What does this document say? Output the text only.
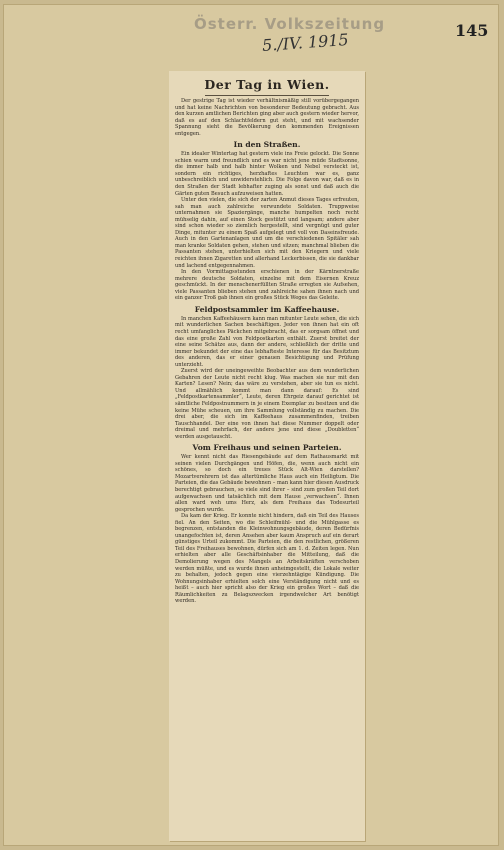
Österr. Volkszeitung	145
5./IV. 1915
Der Tag in Wien.

Der gestrige Tag ist wieder verhältnismäßig still vorübergegangen und hat keine Nachrichten von besonderer Bedeutung gebracht. Aus den kurzen amtlichen Berichten ging aber auch gestern wieder hervor, daß es auf den Schlachtfeldern gut steht, und mit wachsender Spannung sieht die Bevölkerung den kommenden Ereignissen entgegen.

In den Straßen.

Ein idealer Wintertag hat gestern viele ins Freie gelockt. Die Sonne schien warm und freundlich und es war nicht jene müde Stadtsonne, die immer halb und halb hinter Wolken und Nebel versteckt ist, sondern ein richtiges, herzhaftes Leuchten war es, ganz unbeschreiblich und unwiderstehlich. Die Folge davon war, daß es in den Straßen der Stadt lebhafter zuging als sonst und daß auch die Gärten guten Besuch aufzuweisen hatten.

Unter den vielen, die sich der zarten Anmut dieses Tages erfreuten, sah man auch zahlreiche verwundete Soldaten. Truppweise unternahmen sie Spaziergänge, manche humpelten noch recht mühselig dahin, auf einen Stock gestützt und langsam; andere aber sind schon wieder so ziemlich hergestellt, sind vergnügt und guter Dinge, mitunter zu einem Spaß aufgelegt und voll von Daseinsfreude. Auch in den Gartenanlagen und um die verschiedenen Spitäler sah man kranke Soldaten gehen, stehen und sitzen; manchmal blieben die Passanten stehen, unterhielten sich mit den Kriegern und viele reichten ihnen Zigaretten und allerhand Leckerbissen, die sie dankbar und lachend entgegennahmen.

In den Vormittagsstunden erschienen in der Kärntnerstraße mehrere deutsche Soldaten, einzelne mit dem Eisernen Kreuz geschmückt. In der menschenerfüllten Straße erregten sie Aufsehen, viele Passanten blieben stehen und zahlreiche sahen ihnen nach und ein ganzer Troß gab ihnen ein großes Stück Weges das Geleite.

Feldpostsammler im Kaffeehause.

In manchen Kaffeehäusern kann man mitunter Leute sehen, die sich mit wunderlichen Sachen beschäftigen. Jeder von ihnen hat ein oft recht umfangliches Päckchen mitgebracht, das er sorgsam öffnet und das eine große Zahl von Feldpostkarten enthält. Zuerst breitet der eine seine Schätze aus, dann der andere, schließlich der dritte und immer bekundet der eine das lebhafteste Interesse für das Besitztum des anderen, das er einer genauen Besichtigung und Prüfung unterzieht.

Zuerst wird der uneingeweihte Beobachter aus dem wunderlichen Gebahren der Leute nicht recht klug. Was machen sie nur mit den Karten? Lesen? Nein; das wäre zu verstehen, aber sie tun es nicht. Und allmählich kommt man dann darauf: Es sind „Feldpostkartensammler“, Leute, deren Ehrgeiz darauf gerichtet ist sämtliche Feldpostnummern in je einem Exemplar zu besitzen und die keine Mühe scheuen, um ihre Sammlung vollständig zu machen. Die drei aber, die sich im Kaffeehaus zusammenfinden, treiben Tauschhandel. Der eine von ihnen hat diese Nummer doppelt oder dreimal und mehrfach, der andere jene und diese „Doubletten“ werden ausgetauscht.

Vom Freihaus und seinen Parteien.

Wer kennt nicht das Riesengebäude auf dem Rathausmarkt mit seinen vielen Durchgängen und Höfen, die, wenn auch nicht ein schönes, so doch ein treues Stück Alt-Wien darstellen? Mozartverehrern ist das altertümliche Haus auch ein Heiligtum. Die Parteien, die das Gebäude bewohnen – man kann hier diesen Ausdruck berechtigt gebrauchen, so viele sind ihrer – sind zum großen Teil dort aufgewachsen und tatsächlich mit dem Hause „verwachsen“. Ihnen allen ward weh ums Herz, als dem Freihaus das Todesurteil gesprochen wurde.

Da kam der Krieg. Er konnte nicht hindern, daß ein Teil des Hauses fiel. An den Seiten, wo die Schleifmühl- und die Mühlgasse es begrenzen, entstanden die Kleinwohnungsgebäude, deren Bedürfnis unangefochten ist, deren Ansehen aber kaum Anspruch auf ein derart günstiges Urteil zukommt. Die Parteien, die den restlichen, größeren Teil des Freihauses bewohnen, dürfen sich am 1. d. Zeiten legen. Nun erhielten aber alle Geschäftsinhaber die Mitteilung, daß die Demolierung wegen des Mangels an Arbeitskräften verschoben werden müßte, und es wurde ihnen anheimgestellt, die Lokale weiter zu behalten, jedoch gegen eine vierzehntägige Kündigung. Die Wohnungsinhaber erhielten solch eine Verständigung nicht und es heißt – auch hier spricht also der Krieg ein großes Wort – daß die Räumlichkeiten zu Belagszwecken irgendwelcher Art benötigt werden.
